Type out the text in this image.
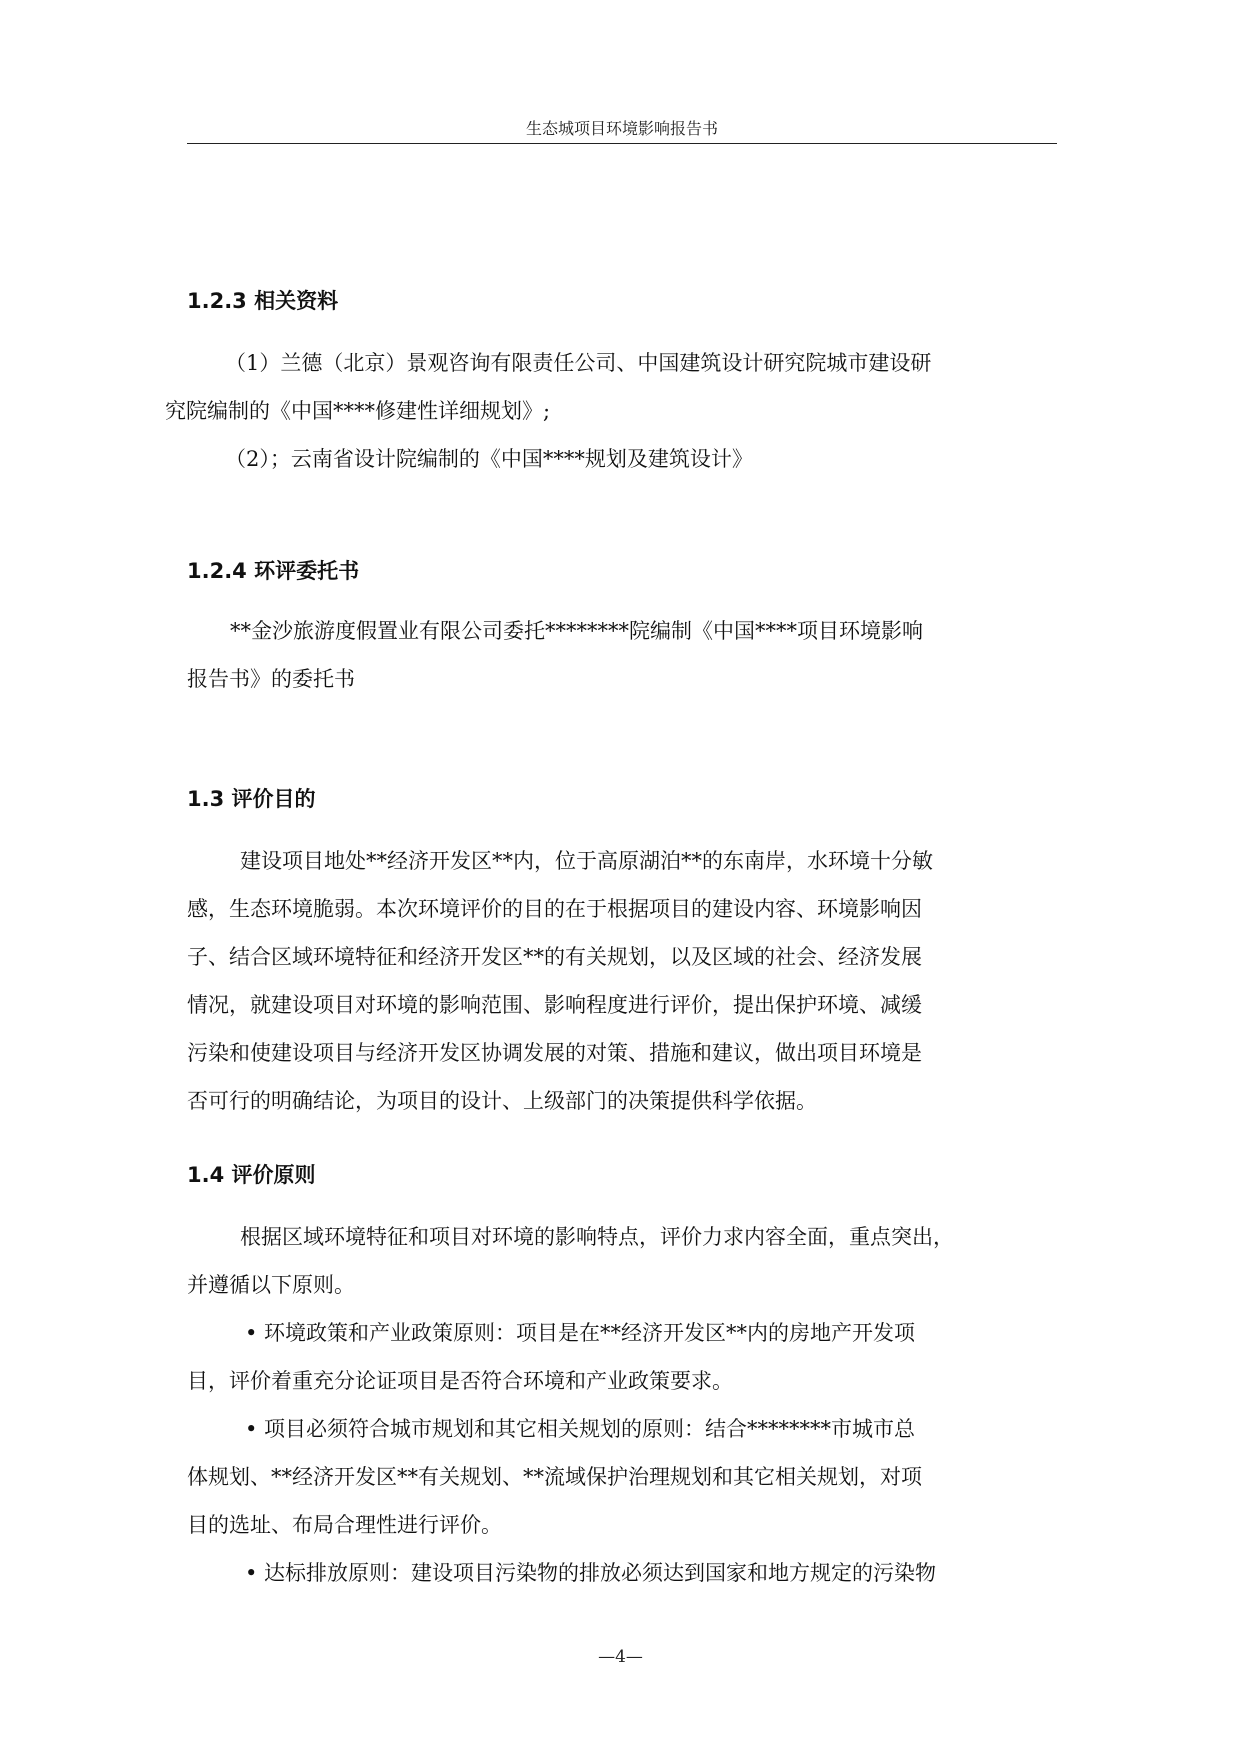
生态城项目环境影响报告书
1.2.3 相关资料
（1）兰德（北京）景观咨询有限责任公司、中国建筑设计研究院城市建设研
究院编制的《中国****修建性详细规划》;
（2）；云南省设计院编制的《中国****规划及建筑设计》
1.2.4 环评委托书
**金沙旅游度假置业有限公司委托********院编制《中国****项目环境影响
报告书》的委托书
1.3 评价目的
建设项目地处**经济开发区**内，位于高原湖泊**的东南岸，水环境十分敏
感，生态环境脆弱。本次环境评价的目的在于根据项目的建设内容、环境影响因
子、结合区域环境特征和经济开发区**的有关规划，以及区域的社会、经济发展
情况，就建设项目对环境的影响范围、影响程度进行评价，提出保护环境、减缓
污染和使建设项目与经济开发区协调发展的对策、措施和建议，做出项目环境是
否可行的明确结论，为项目的设计、上级部门的决策提供科学依据。
1.4 评价原则
根据区域环境特征和项目对环境的影响特点，评价力求内容全面，重点突出，
并遵循以下原则。
• 环境政策和产业政策原则：项目是在**经济开发区**内的房地产开发项
目，评价着重充分论证项目是否符合环境和产业政策要求。
• 项目必须符合城市规划和其它相关规划的原则：结合********市城市总
体规划、**经济开发区**有关规划、**流域保护治理规划和其它相关规划，对项
目的选址、布局合理性进行评价。
• 达标排放原则：建设项目污染物的排放必须达到国家和地方规定的污染物
—4—
